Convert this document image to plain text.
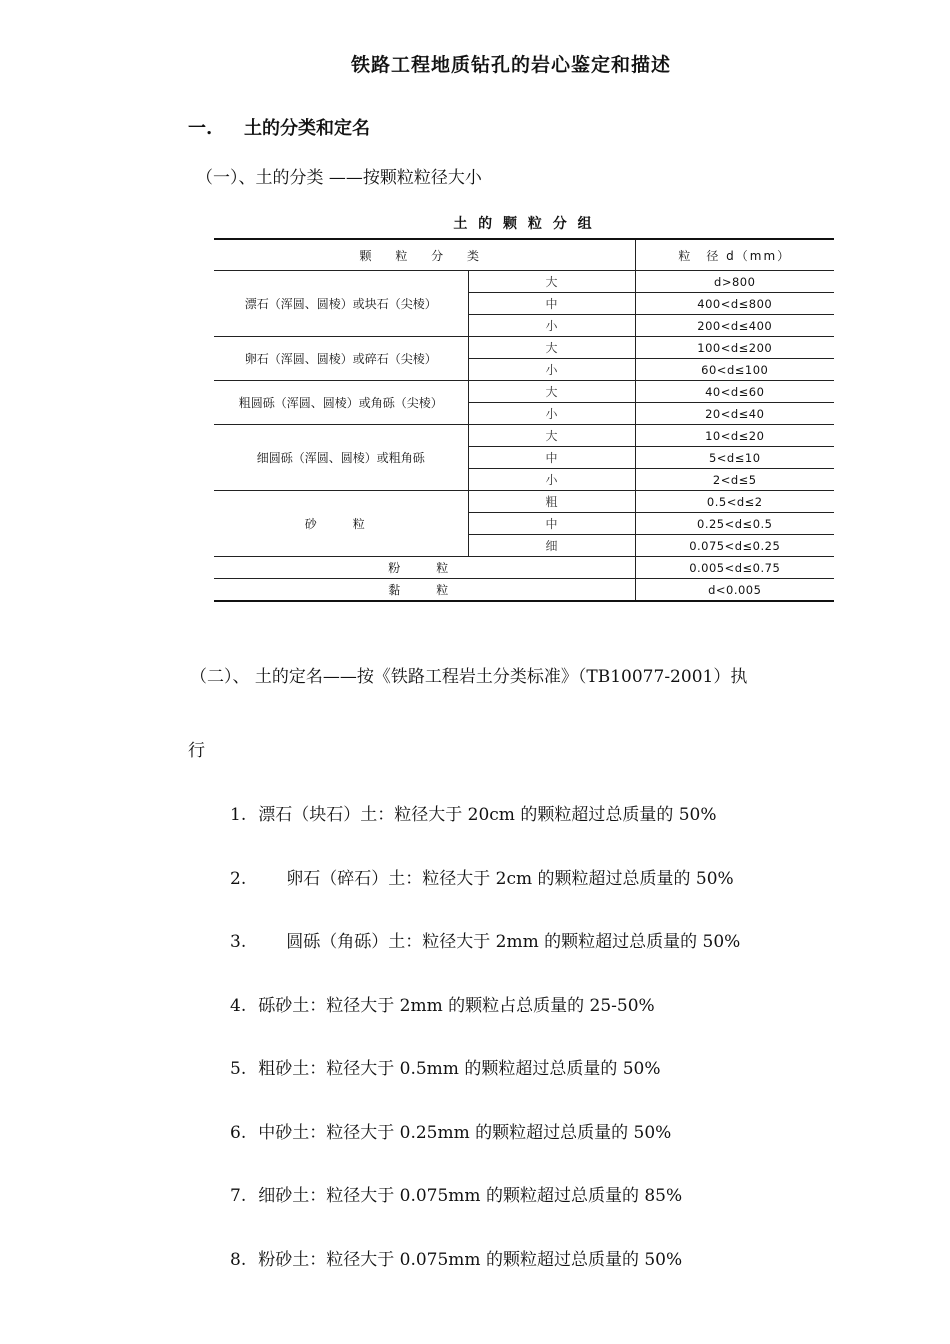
铁路工程地质钻孔的岩心鉴定和描述
一. 土的分类和定名
（一）、土的分类 ——按颗粒粒径大小
土 的 颗 粒 分 组
颗 粒 分 类		粒　径 d（mm）
漂石（浑圆、圆棱）或块石（尖棱）	大	d>800
	中	400<d≤800
	小	200<d≤400
卵石（浑圆、圆棱）或碎石（尖棱）	大	100<d≤200
	小	60<d≤100
粗圆砾（浑圆、圆棱）或角砾（尖棱）	大	40<d≤60
	小	20<d≤40
细圆砾（浑圆、圆棱）或粗角砾	大	10<d≤20
	中	5<d≤10
	小	2<d≤5
砂　粒	粗	0.5<d≤2
	中	0.25<d≤0.5
	细	0.075<d≤0.25
粉　粒		0.005<d≤0.75
黏　粒		d<0.005
（二）、 土的定名——按《铁路工程岩土分类标准》（TB10077-2001）执
行
1. 漂石（块石）土：粒径大于 20cm 的颗粒超过总质量的 50%
2. 卵石（碎石）土：粒径大于 2cm 的颗粒超过总质量的 50%
3. 圆砾（角砾）土：粒径大于 2mm 的颗粒超过总质量的 50%
4. 砾砂土：粒径大于 2mm 的颗粒占总质量的 25-50%
5. 粗砂土：粒径大于 0.5mm 的颗粒超过总质量的 50%
6. 中砂土：粒径大于 0.25mm 的颗粒超过总质量的 50%
7. 细砂土：粒径大于 0.075mm 的颗粒超过总质量的 85%
8. 粉砂土：粒径大于 0.075mm 的颗粒超过总质量的 50%
